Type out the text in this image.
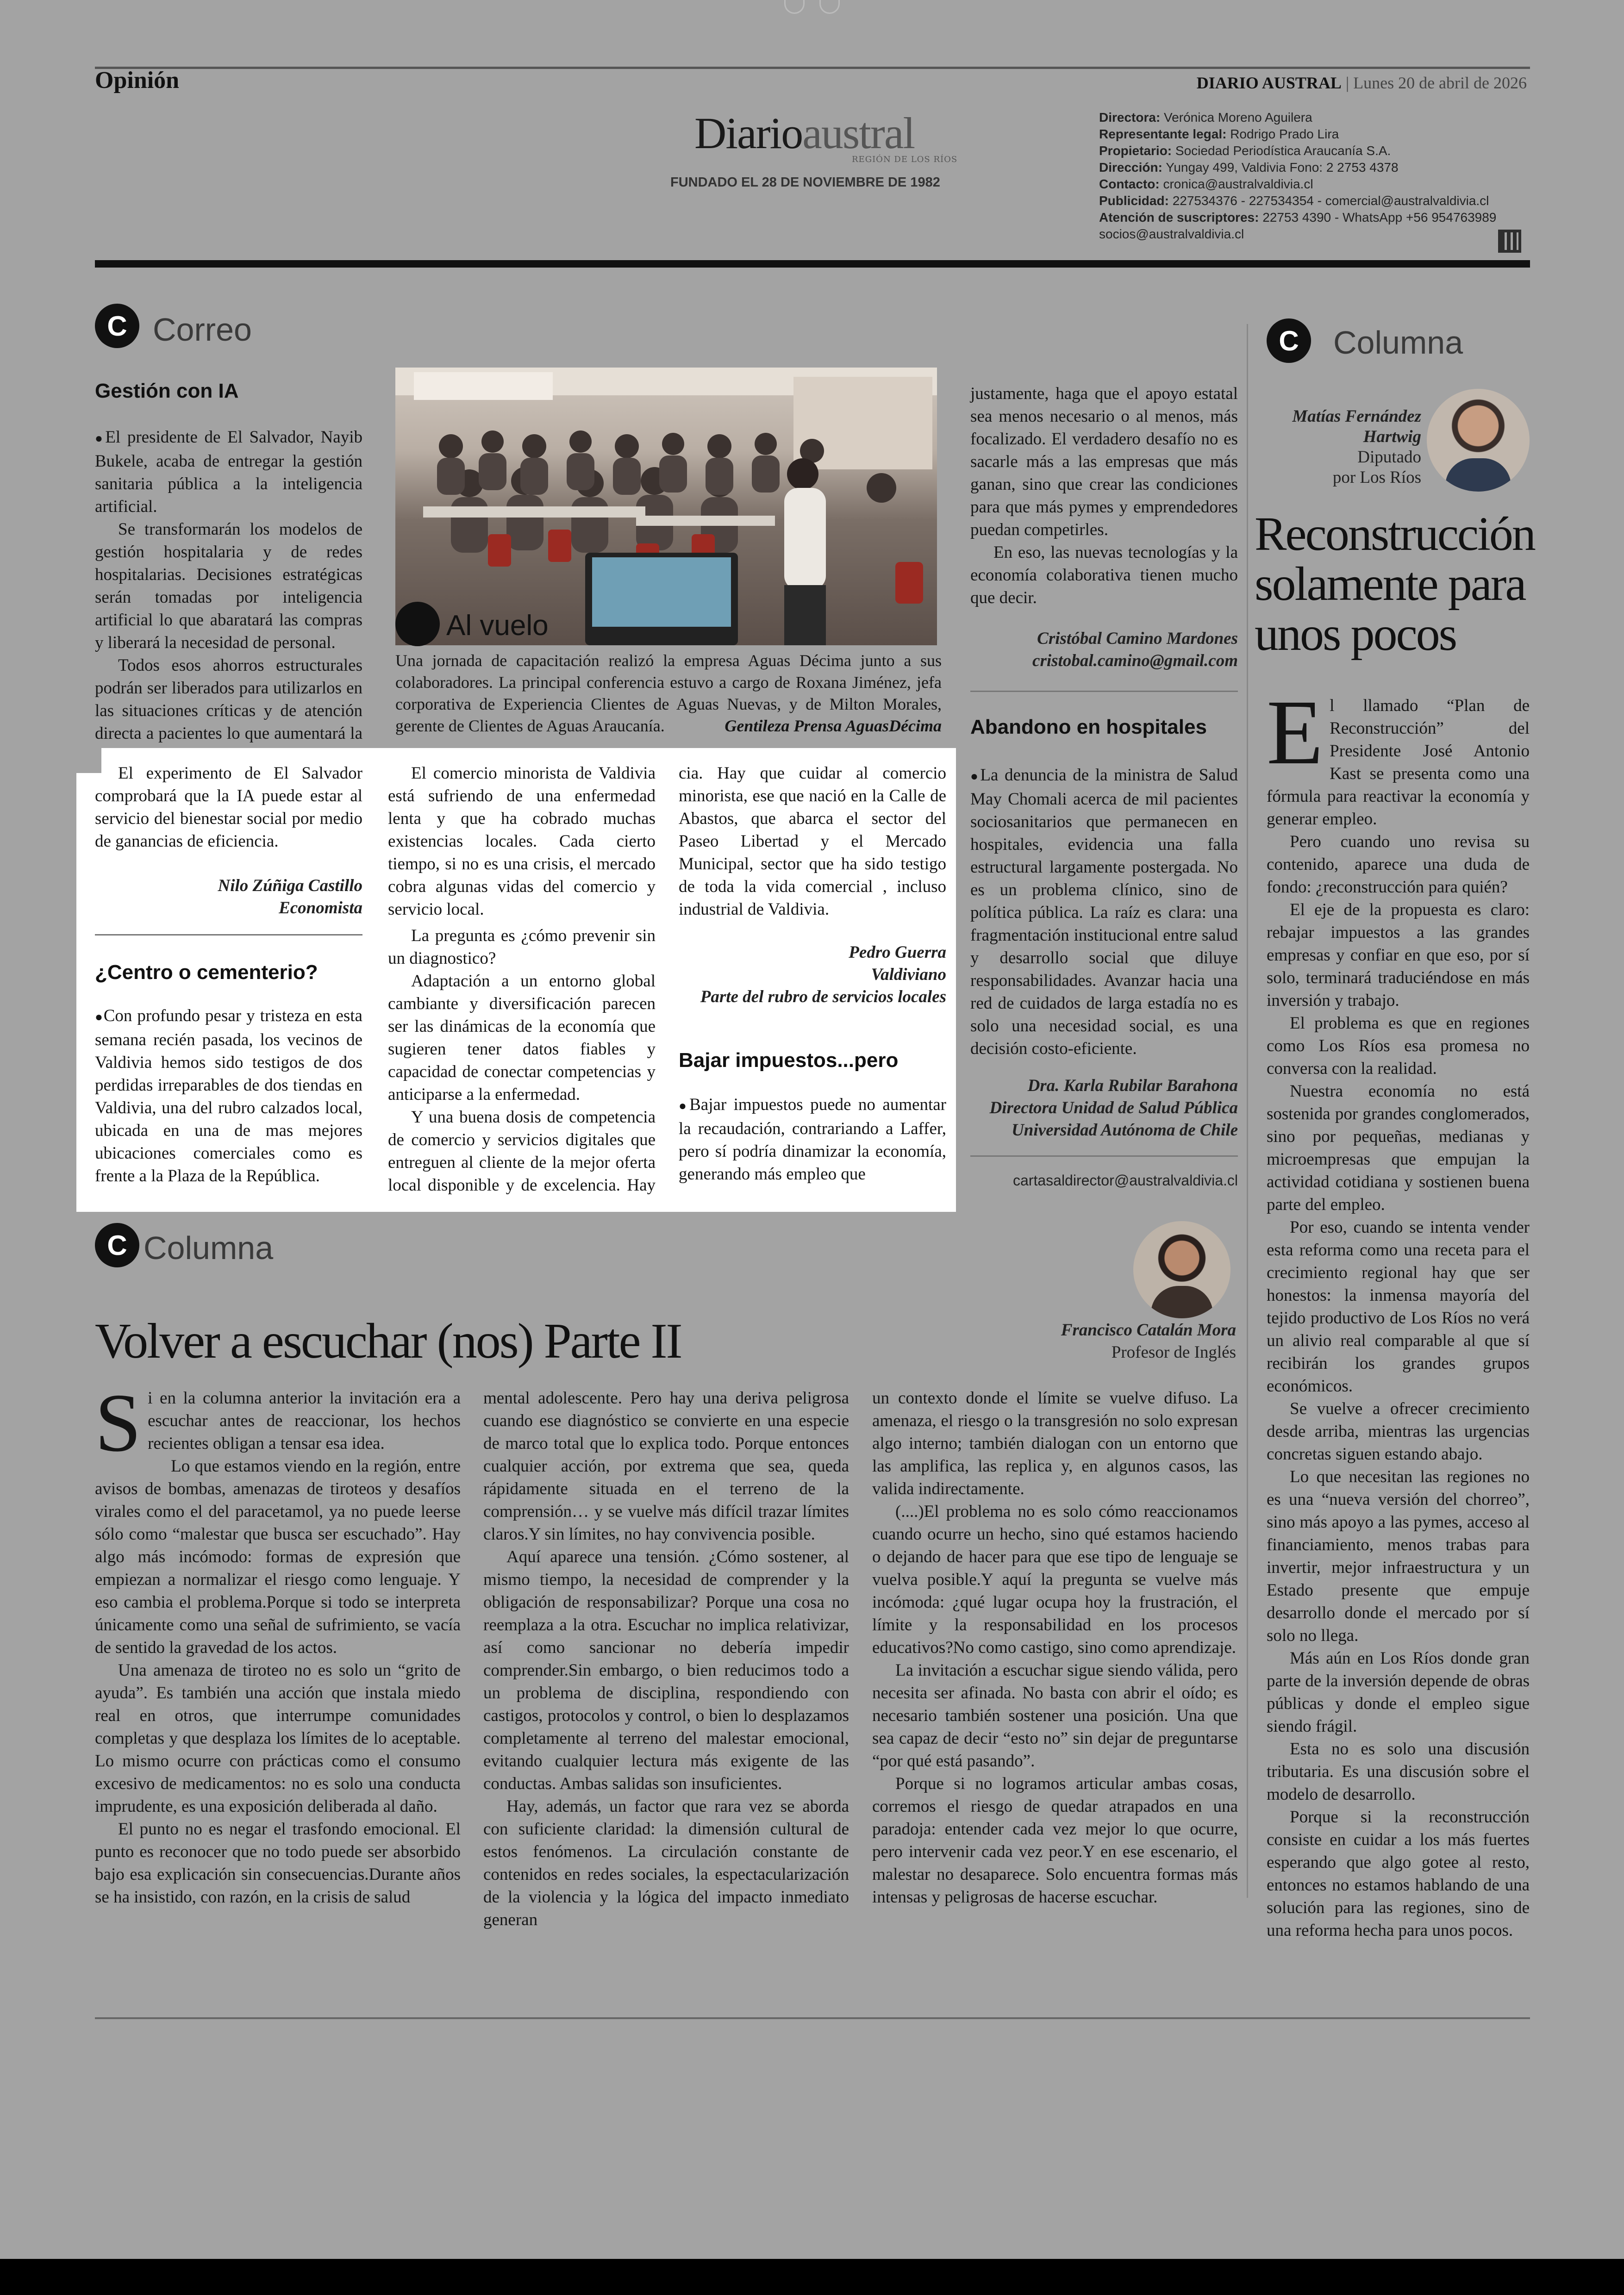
Opinión	DIARIO AUSTRAL | Lunes 20 de abril de 2026
Diarioaustral
REGIÓN DE LOS RÍOS
FUNDADO EL 28 DE NOVIEMBRE DE 1982
Directora: Verónica Moreno Aguilera
Representante legal: Rodrigo Prado Lira
Propietario: Sociedad Periodística Araucanía S.A.
Dirección: Yungay 499, Valdivia Fono: 2 2753 4378
Contacto: cronica@australvaldivia.cl
Publicidad: 227534376 - 227534354 - comercial@australvaldivia.cl
Atención de suscriptores: 22753 4390 - WhatsApp +56 954763989
socios@australvaldivia.cl
C Correo
Gestión con IA

● El presidente de El Salvador, Nayib Bukele, acaba de entregar la gestión sanitaria pública a la inteligencia artificial.

Se transformarán los modelos de gestión hospitalaria y de redes hospitalarias. Decisiones estratégicas serán tomadas por inteligencia artificial lo que abaratará las compras y liberará la necesidad de personal.

Todos esos ahorros estructurales podrán ser liberados para utilizarlos en las situaciones críticas y de atención directa a pacientes lo que aumentará la

El experimento de El Salvador comprobará que la IA puede estar al servicio del bienestar social por medio de ganancias de eficiencia.

Nilo Zúñiga Castillo
Economista
¿Centro o cementerio?

● Con profundo pesar y tristeza en esta semana recién pasada, los vecinos de Valdivia hemos sido testigos de dos perdidas irreparables de dos tiendas en Valdivia, una del rubro calzados local, ubicada en una de mas mejores ubicaciones comerciales como es frente a la Plaza de la República.

El comercio minorista de Valdivia está sufriendo de una enfermedad lenta y que ha cobrado muchas existencias locales. Cada cierto tiempo, si no es una crisis, el mercado cobra algunas vidas del comercio y servicio local.

La pregunta es ¿cómo prevenir sin un diagnostico?

Adaptación a un entorno global cambiante y diversificación parecen ser las dinámicas de la economía que sugieren tener datos fiables y capacidad de conectar competencias y anticiparse a la enfermedad.

Y una buena dosis de competencia de comercio y servicios digitales que entreguen al cliente de la mejor oferta local disponible y de excelencia. Hay

cia. Hay que cuidar al comercio minorista, ese que nació en la Calle de Abastos, que abarca el sector del Paseo Libertad y el Mercado Municipal, sector que ha sido testigo de toda la vida comercial , incluso industrial de Valdivia.

Pedro Guerra
Valdiviano
Parte del rubro de servicios locales
Bajar impuestos...pero

● Bajar impuestos puede no aumentar la recaudación, contrariando a Laffer, pero sí podría dinamizar la economía, generando más empleo que

justamente, haga que el apoyo estatal sea menos necesario o al menos, más focalizado. El verdadero desafío no es sacarle más a las empresas que más ganan, sino que crear las condiciones para que más pymes y emprendedores puedan competirles.

En eso, las nuevas tecnologías y la economía colaborativa tienen mucho que decir.

Cristóbal Camino Mardones
cristobal.camino@gmail.com
Abandono en hospitales

● La denuncia de la ministra de Salud May Chomali acerca de mil pacientes sociosanitarios que permanecen en hospitales, evidencia una falla estructural largamente postergada. No es un problema clínico, sino de política pública. La raíz es clara: una fragmentación institucional entre salud y desarrollo social que diluye responsabilidades. Avanzar hacia una red de cuidados de larga estadía no es solo una necesidad social, es una decisión costo-eficiente.

Dra. Karla Rubilar Barahona
Directora Unidad de Salud Pública
Universidad Autónoma de Chile
cartasaldirector@australvaldivia.cl
Al vuelo
Una jornada de capacitación realizó la empresa Aguas Décima junto a sus colaboradores. La principal conferencia estuvo a cargo de Roxana Jiménez, jefa corporativa de Experiencia Clientes de Aguas Nuevas, y de Milton Morales, gerente de Clientes de Aguas Araucanía.	Gentileza Prensa AguasDécima
C	Columna
Matías Fernández Hartwig
Diputado
por Los Ríos
Reconstrucción solamente para unos pocos
E l llamado “Plan de Reconstrucción” del Presidente José Antonio Kast se presenta como una fórmula para reactivar la economía y generar empleo.

Pero cuando uno revisa su contenido, aparece una duda de fondo: ¿reconstrucción para quién?

El eje de la propuesta es claro: rebajar impuestos a las grandes empresas y confiar en que eso, por sí solo, terminará traduciéndose en más inversión y trabajo.

El problema es que en regiones como Los Ríos esa promesa no conversa con la realidad.

Nuestra economía no está sostenida por grandes conglomerados, sino por pequeñas, medianas y microempresas que empujan la actividad cotidiana y sostienen buena parte del empleo.

Por eso, cuando se intenta vender esta reforma como una receta para el crecimiento regional hay que ser honestos: la inmensa mayoría del tejido productivo de Los Ríos no verá un alivio real comparable al que sí recibirán los grandes grupos económicos.

Se vuelve a ofrecer crecimiento desde arriba, mientras las urgencias concretas siguen estando abajo.

Lo que necesitan las regiones no es una “nueva versión del chorreo”, sino más apoyo a las pymes, acceso al financiamiento, menos trabas para invertir, mejor infraestructura y un Estado presente que empuje desarrollo donde el mercado por sí solo no llega.

Más aún en Los Ríos donde gran parte de la inversión depende de obras públicas y donde el empleo sigue siendo frágil.

Esta no es solo una discusión tributaria. Es una discusión sobre el modelo de desarrollo.

Porque si la reconstrucción consiste en cuidar a los más fuertes esperando que algo gotee al resto, entonces no estamos hablando de una solución para las regiones, sino de una reforma hecha para unos pocos.

C Columna
Francisco Catalán Mora
Profesor de Inglés
Volver a escuchar (nos) Parte II
S i en la columna anterior la invitación era a escuchar antes de reaccionar, los hechos recientes obligan a tensar esa idea.

Lo que estamos viendo en la región, entre avisos de bombas, amenazas de tiroteos y desafíos virales como el del paracetamol, ya no puede leerse sólo como “malestar que busca ser escuchado”. Hay algo más incómodo: formas de expresión que empiezan a normalizar el riesgo como lenguaje. Y eso cambia el problema.Porque si todo se interpreta únicamente como una señal de sufrimiento, se vacía de sentido la gravedad de los actos.

Una amenaza de tiroteo no es solo un “grito de ayuda”. Es también una acción que instala miedo real en otros, que interrumpe comunidades completas y que desplaza los límites de lo aceptable. Lo mismo ocurre con prácticas como el consumo excesivo de medicamentos: no es solo una conducta imprudente, es una exposición deliberada al daño.

El punto no es negar el trasfondo emocional. El punto es reconocer que no todo puede ser absorbido bajo esa explicación sin consecuencias.Durante años se ha insistido, con razón, en la crisis de salud

mental adolescente. Pero hay una deriva peligrosa cuando ese diagnóstico se convierte en una especie de marco total que lo explica todo. Porque entonces cualquier acción, por extrema que sea, queda rápidamente situada en el terreno de la comprensión… y se vuelve más difícil trazar límites claros.Y sin límites, no hay convivencia posible.

Aquí aparece una tensión. ¿Cómo sostener, al mismo tiempo, la necesidad de comprender y la obligación de responsabilizar? Porque una cosa no reemplaza a la otra. Escuchar no implica relativizar, así como sancionar no debería impedir comprender.Sin embargo, o bien reducimos todo a un problema de disciplina, respondiendo con castigos, protocolos y control, o bien lo desplazamos completamente al terreno del malestar emocional, evitando cualquier lectura más exigente de las conductas. Ambas salidas son insuficientes.

Hay, además, un factor que rara vez se aborda con suficiente claridad: la dimensión cultural de estos fenómenos. La circulación constante de contenidos en redes sociales, la espectacularización de la violencia y la lógica del impacto inmediato generan

un contexto donde el límite se vuelve difuso. La amenaza, el riesgo o la transgresión no solo expresan algo interno; también dialogan con un entorno que las amplifica, las replica y, en algunos casos, las valida indirectamente.

(....)El problema no es solo cómo reaccionamos cuando ocurre un hecho, sino qué estamos haciendo o dejando de hacer para que ese tipo de lenguaje se vuelva posible.Y aquí la pregunta se vuelve más incómoda: ¿qué lugar ocupa hoy la frustración, el límite y la responsabilidad en los procesos educativos?No como castigo, sino como aprendizaje.

La invitación a escuchar sigue siendo válida, pero necesita ser afinada. No basta con abrir el oído; es necesario también sostener una posición. Una que sea capaz de decir “esto no” sin dejar de preguntarse “por qué está pasando”.

Porque si no logramos articular ambas cosas, corremos el riesgo de quedar atrapados en una paradoja: entender cada vez mejor lo que ocurre, pero intervenir cada vez peor.Y en ese escenario, el malestar no desaparece. Solo encuentra formas más intensas y peligrosas de hacerse escuchar.
